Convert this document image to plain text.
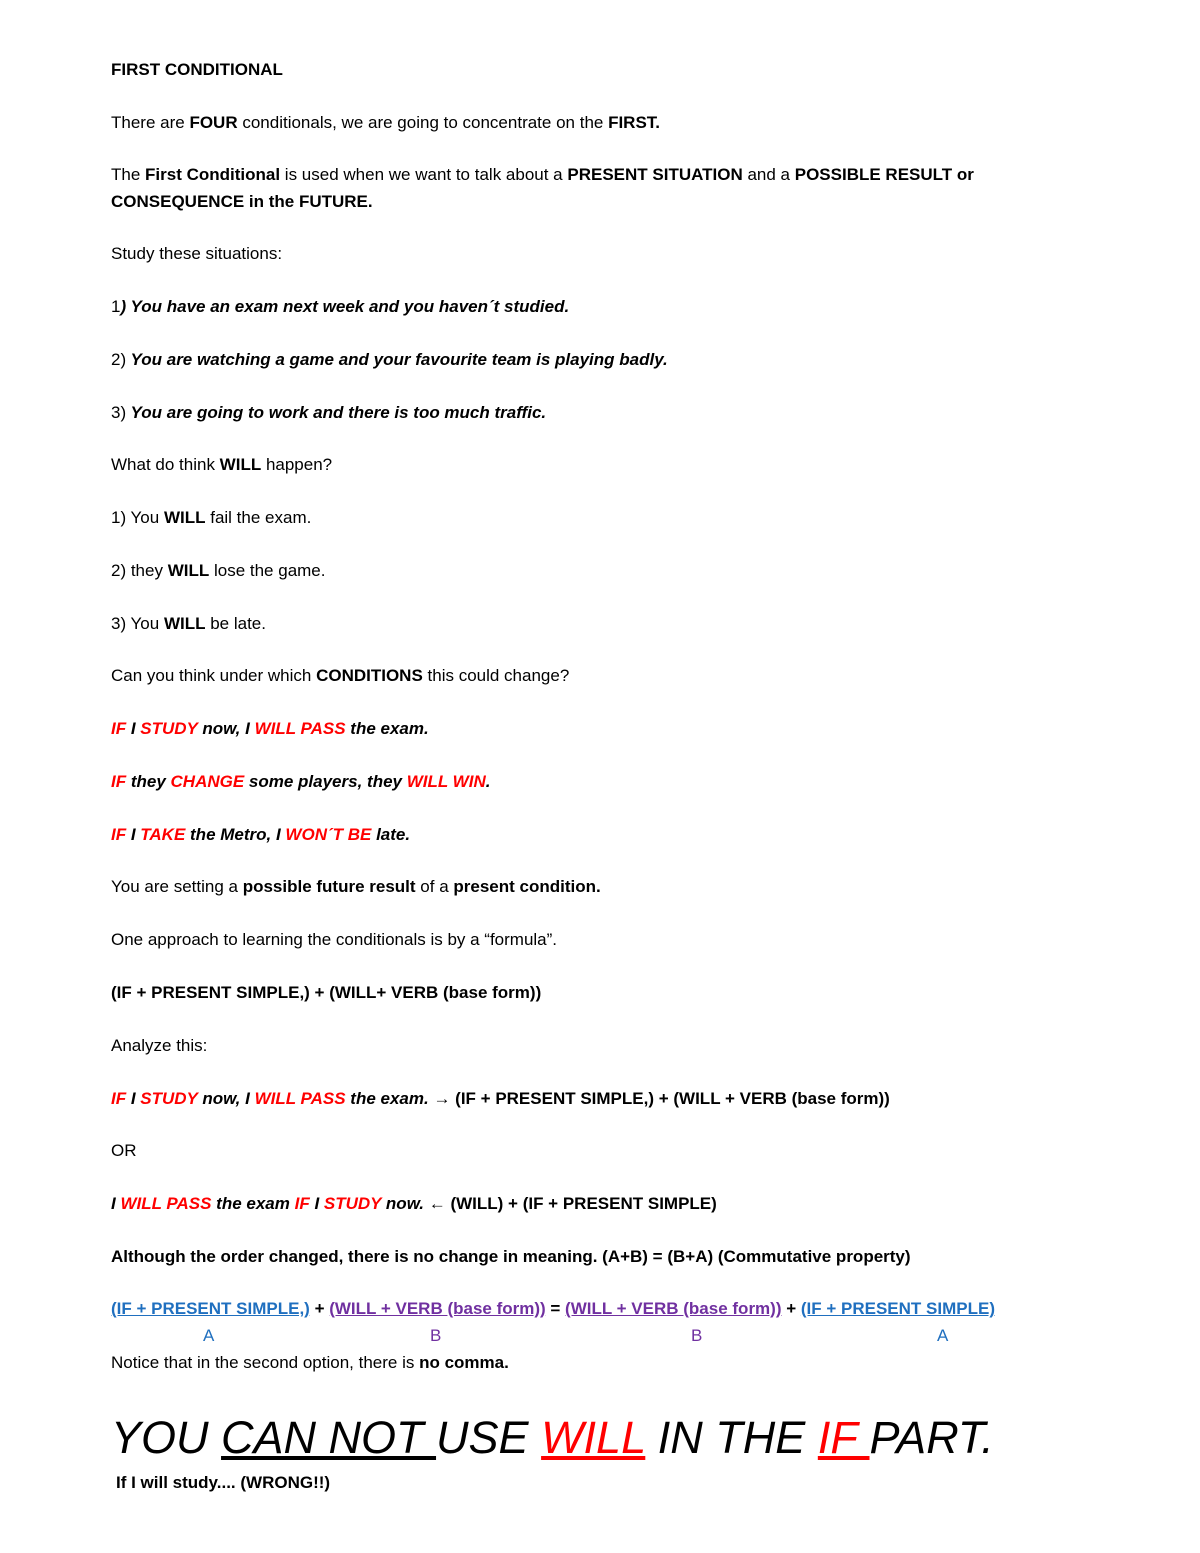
FIRST CONDITIONAL
There are FOUR conditionals, we are going to concentrate on the FIRST.
The First Conditional is used when we want to talk about a PRESENT SITUATION and a POSSIBLE RESULT or
CONSEQUENCE in the FUTURE.
Study these situations:
1) You have an exam next week and you haven´t studied.
2) You are watching a game and your favourite team is playing badly.
3) You are going to work and there is too much traffic.
What do think WILL happen?
1) You WILL fail the exam.
2) they WILL lose the game.
3) You WILL be late.
Can you think under which CONDITIONS this could change?
IF I STUDY now, I WILL PASS the exam.
IF they CHANGE some players, they WILL WIN.
IF I TAKE the Metro, I WON´T BE late.
You are setting a possible future result of a present condition.
One approach to learning the conditionals is by a “formula”.
(IF + PRESENT SIMPLE,) + (WILL+ VERB (base form))
Analyze this:
IF I STUDY now, I WILL PASS the exam. → (IF + PRESENT SIMPLE,) + (WILL + VERB (base form))
OR
I WILL PASS the exam IF I STUDY now. ← (WILL) + (IF + PRESENT SIMPLE)
Although the order changed, there is no change in meaning. (A+B) = (B+A) (Commutative property)
(IF + PRESENT SIMPLE,) + (WILL + VERB (base form)) = (WILL + VERB (base form)) + (IF + PRESENT SIMPLE)
A	B	B	A
Notice that in the second option, there is no comma.
YOU CAN NOT USE WILL IN THE IF PART.
If I will study.... (WRONG!!)
